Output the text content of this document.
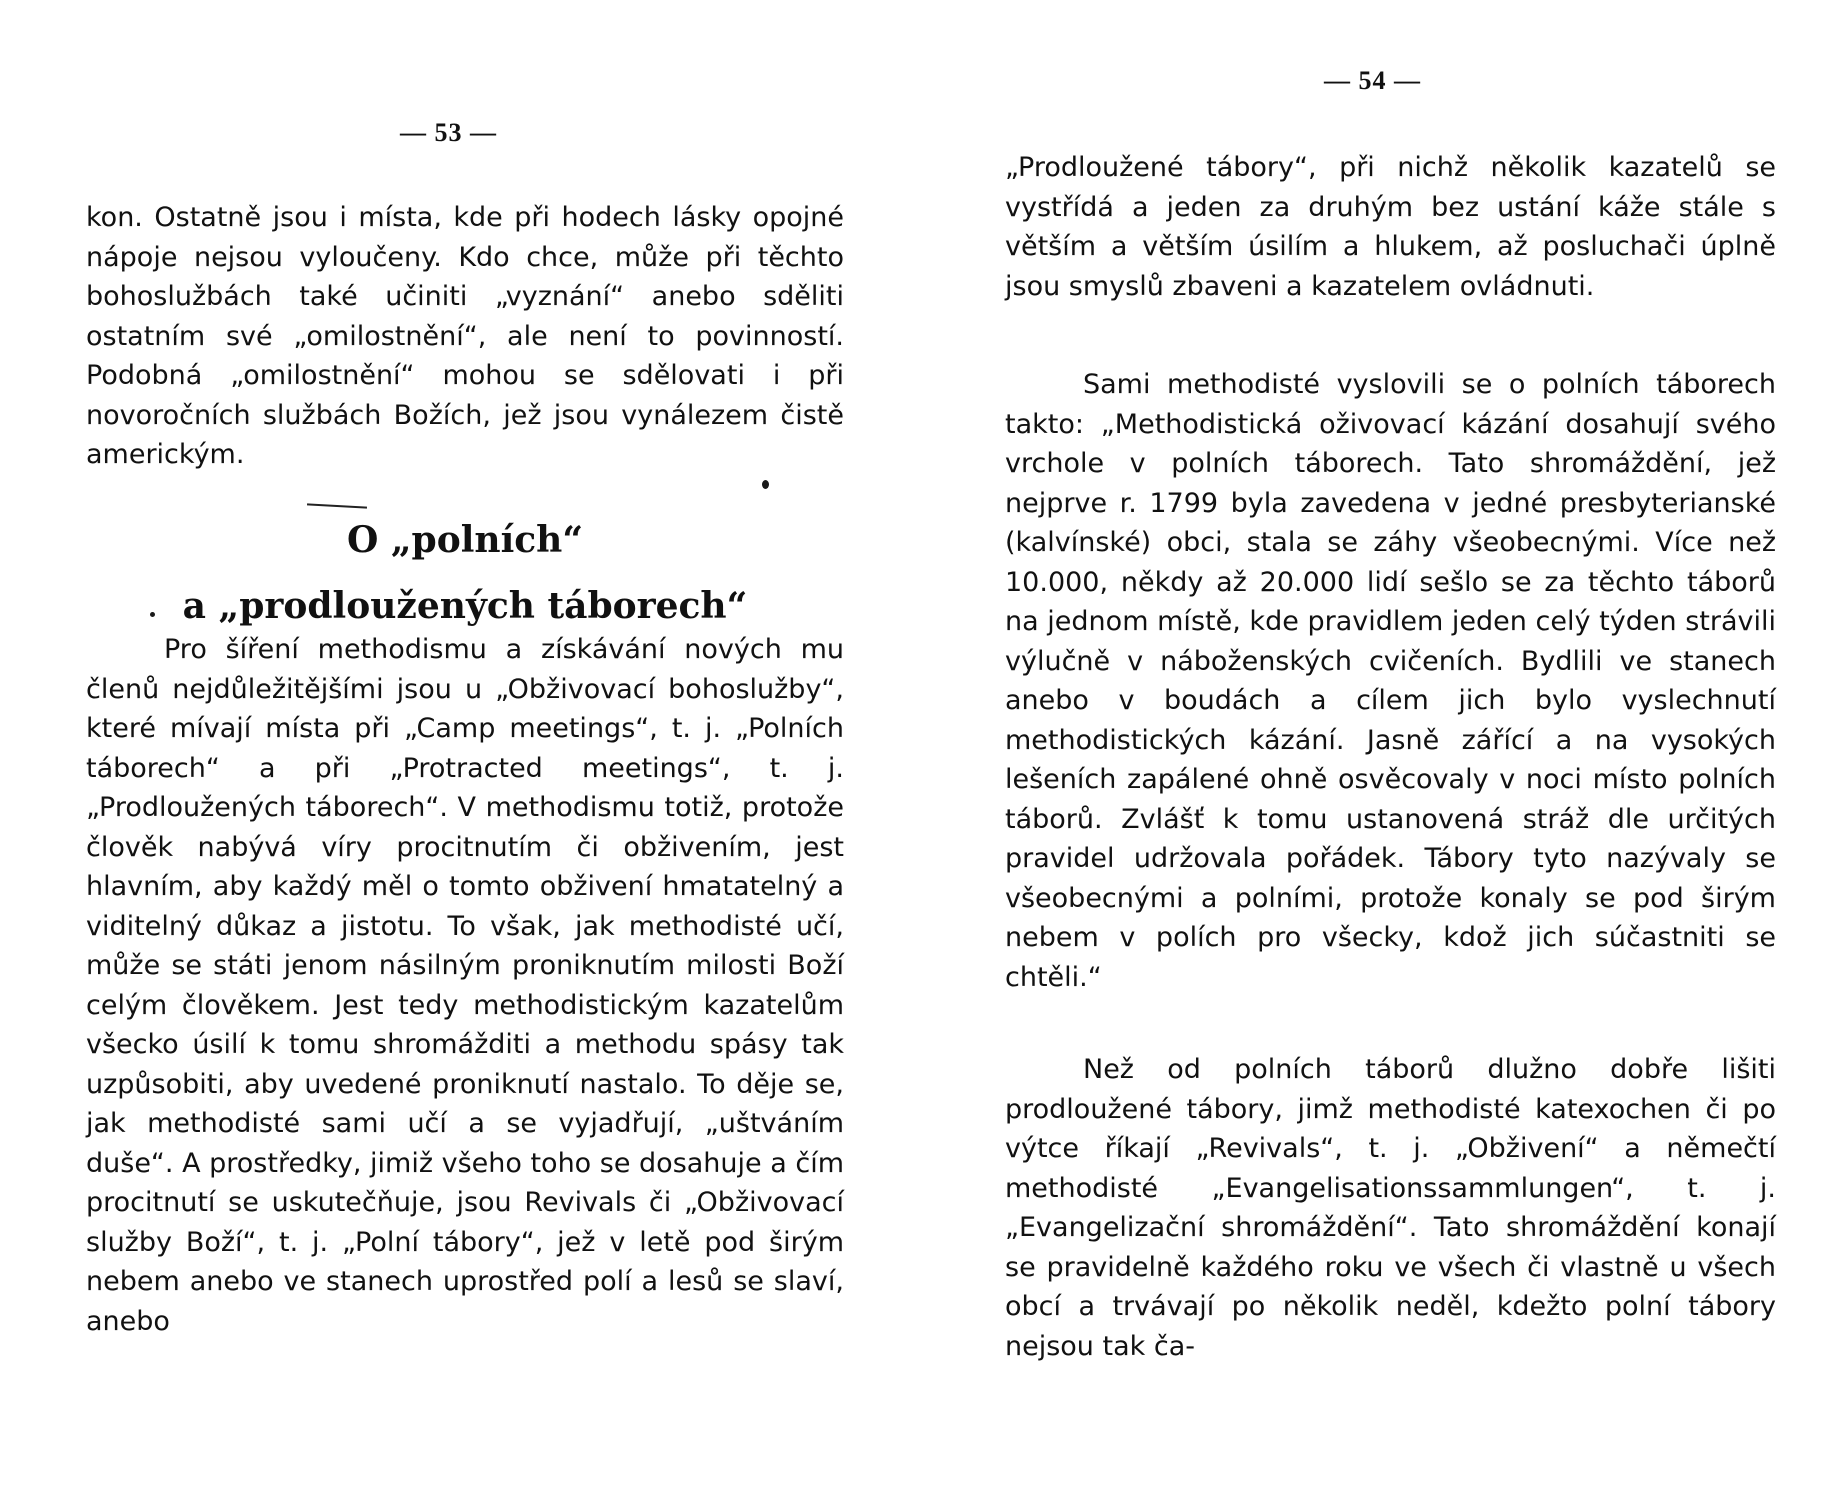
— 53 —

kon. Ostatně jsou i místa, kde při hodech lásky opojné nápoje nejsou vyloučeny. Kdo chce, může při těchto bohoslužbách také učiniti „vyznání“ anebo sděliti ostatním své „omilostnění“, ale není to povinností. Podobná „omilostnění“ mohou se sdělovati i při novoročních službách Božích, jež jsou vynálezem čistě americkým.

O „polních“
a „prodloužených táborech“

Pro šíření methodismu a získávání nových mu členů nejdůležitějšími jsou u „Obživovací bohoslužby“, které mívají místa při „Camp meetings“, t. j. „Polních táborech“ a při „Protracted meetings“, t. j. „Prodloužených táborech“. V methodismu totiž, protože člověk nabývá víry procitnutím či obživením, jest hlavním, aby každý měl o tomto obživení hmatatelný a viditelný důkaz a jistotu. To však, jak methodisté učí, může se státi jenom násilným proniknutím milosti Boží celým člověkem. Jest tedy methodistickým kazatelům všecko úsilí k tomu shromážditi a methodu spásy tak uzpůsobiti, aby uvedené proniknutí nastalo. To děje se, jak methodisté sami učí a se vyjadřují, „uštváním duše“. A prostředky, jimiž všeho toho se dosahuje a čím procitnutí se uskutečňuje, jsou Revivals či „Obživovací služby Boží“, t. j. „Polní tábory“, jež v letě pod širým nebem anebo ve stanech uprostřed polí a lesů se slaví, anebo

— 54 —

„Prodloužené tábory“, při nichž několik kazatelů se vystřídá a jeden za druhým bez ustání káže stále s větším a větším úsilím a hlukem, až posluchači úplně jsou smyslů zbaveni a kazatelem ovládnuti.

Sami methodisté vyslovili se o polních táborech takto: „Methodistická oživovací kázání dosahují svého vrchole v polních táborech. Tato shromáždění, jež nejprve r. 1799 byla zavedena v jedné presbyterianské (kalvínské) obci, stala se záhy všeobecnými. Více než 10.000, někdy až 20.000 lidí sešlo se za těchto táborů na jednom místě, kde pravidlem jeden celý týden strávili výlučně v náboženských cvičeních. Bydlili ve stanech anebo v boudách a cílem jich bylo vyslechnutí methodistických kázání. Jasně zářící a na vysokých lešeních zapálené ohně osvěcovaly v noci místo polních táborů. Zvlášť k tomu ustanovená stráž dle určitých pravidel udržovala pořádek. Tábory tyto nazývaly se všeobecnými a polními, protože konaly se pod širým nebem v polích pro všecky, kdož jich súčastniti se chtěli.“

Než od polních táborů dlužno dobře lišiti prodloužené tábory, jimž methodisté katexochen či po výtce říkají „Revivals“, t. j. „Obživení“ a němečtí methodisté „Evangelisationssammlungen“, t. j. „Evangelizační shromáždění“. Tato shromáždění konají se pravidelně každého roku ve všech či vlastně u všech obcí a trvávají po několik neděl, kdežto polní tábory nejsou tak ča-
